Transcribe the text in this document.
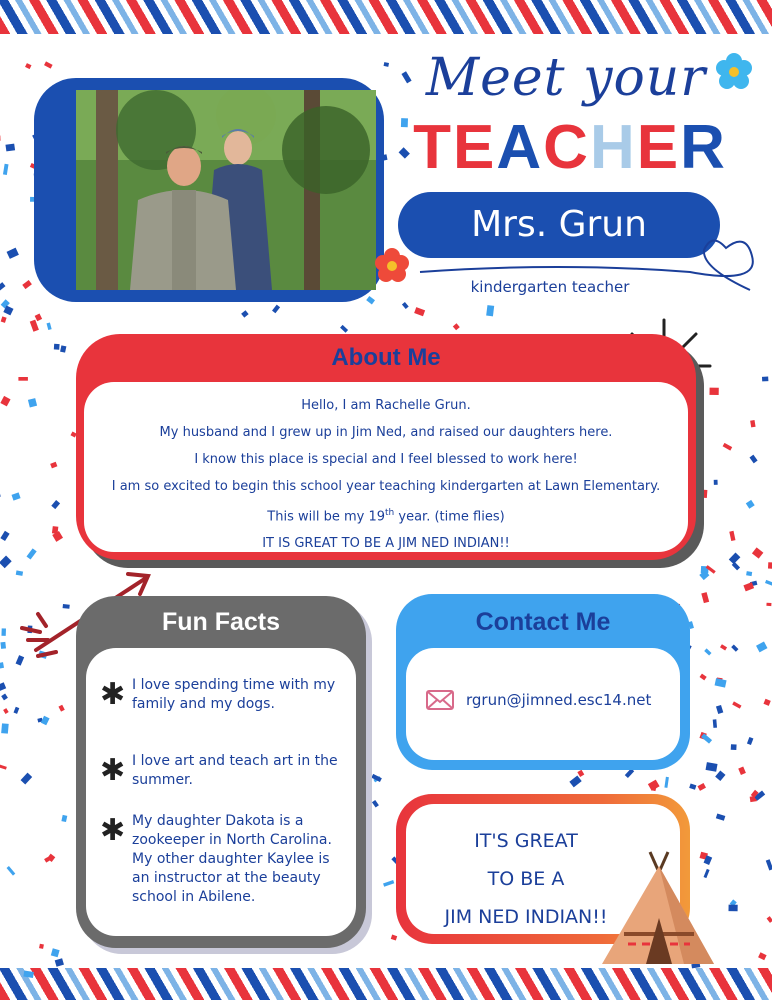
Meet your
TEACHER
Mrs. Grun
kindergarten teacher
About Me

Hello, I am Rachelle Grun.

My husband and I grew up in Jim Ned, and raised our daughters here.

I know this place is special and I feel blessed to work here!

I am so excited to begin this school year teaching kindergarten at Lawn Elementary.

This will be my 19th year. (time flies)

IT IS GREAT TO BE A JIM NED INDIAN!!

Fun Facts
✱ I love spending time with my family and my dogs.
✱ I love art and teach art in the summer.
✱ My daughter Dakota is a zookeeper in North Carolina. My other daughter Kaylee is an instructor at the beauty school in Abilene.
Contact Me
rgrun@jimned.esc14.net

IT'S GREAT

TO BE A

JIM NED INDIAN!!
